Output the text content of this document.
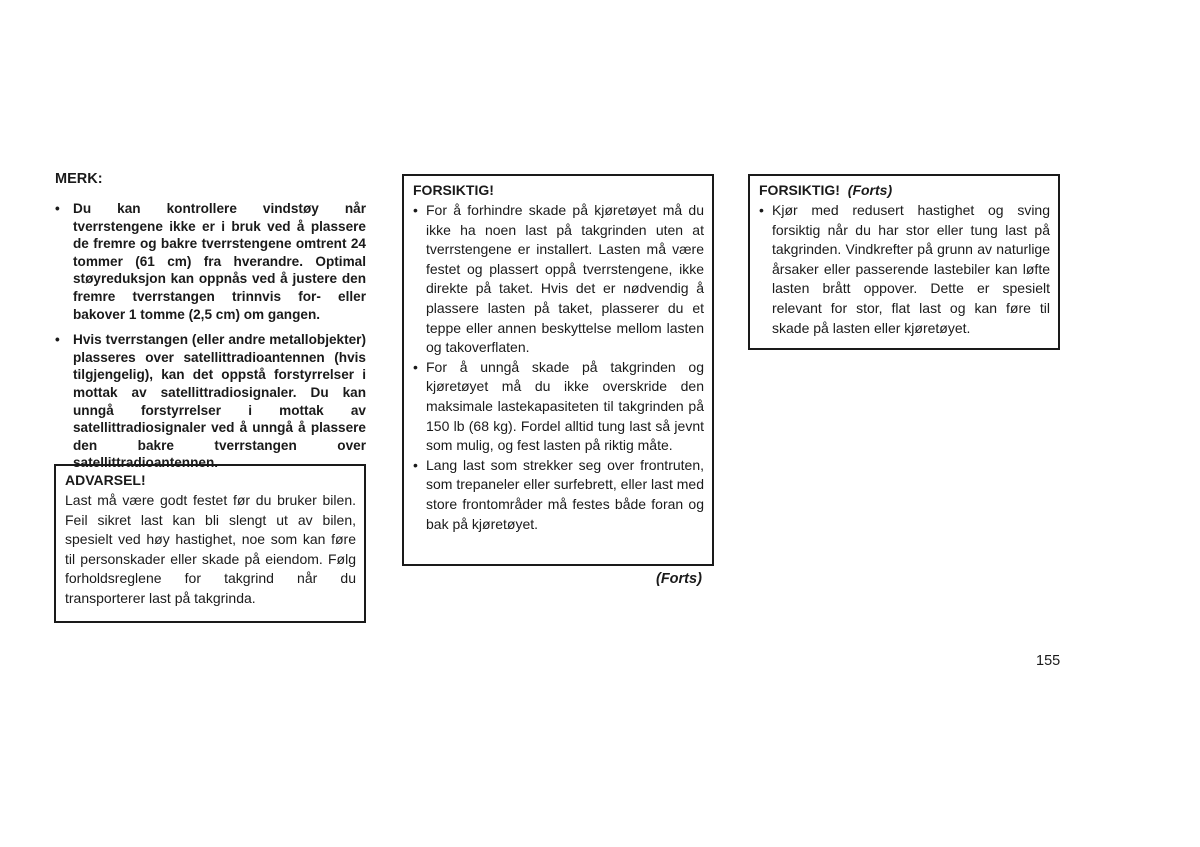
MERK:
• Du kan kontrollere vindstøy når tverrstengene ikke er i bruk ved å plassere de fremre og bakre tverrstengene omtrent 24 tommer (61 cm) fra hverandre. Optimal støyreduksjon kan oppnås ved å justere den fremre tverrstangen trinnvis for- eller bakover 1 tomme (2,5 cm) om gangen.
• Hvis tverrstangen (eller andre metallobjekter) plasseres over satellittradioantennen (hvis tilgjengelig), kan det oppstå forstyrrelser i mottak av satellittradiosignaler. Du kan unngå forstyrrelser i mottak av satellittradiosignaler ved å unngå å plassere den bakre tverrstangen over satellittradioantennen.
ADVARSEL!

Last må være godt festet før du bruker bilen. Feil sikret last kan bli slengt ut av bilen, spesielt ved høy hastighet, noe som kan føre til personskader eller skade på eiendom. Følg forholdsreglene for takgrind når du transporterer last på takgrinda.

FORSIKTIG!
• For å forhindre skade på kjøretøyet må du ikke ha noen last på takgrinden uten at tverrstengene er installert. Lasten må være festet og plassert oppå tverrstengene, ikke direkte på taket. Hvis det er nødvendig å plassere lasten på taket, plasserer du et teppe eller annen beskyttelse mellom lasten og takoverflaten.
• For å unngå skade på takgrinden og kjøretøyet må du ikke overskride den maksimale lastekapasiteten til takgrinden på 150 lb (68 kg). Fordel alltid tung last så jevnt som mulig, og fest lasten på riktig måte.
• Lang last som strekker seg over frontruten, som trepaneler eller surfebrett, eller last med store frontområder må festes både foran og bak på kjøretøyet.
(Forts)
FORSIKTIG! (Forts)
• Kjør med redusert hastighet og sving forsiktig når du har stor eller tung last på takgrinden. Vindkrefter på grunn av naturlige årsaker eller passerende lastebiler kan løfte lasten brått oppover. Dette er spesielt relevant for stor, flat last og kan føre til skade på lasten eller kjøretøyet.
155
